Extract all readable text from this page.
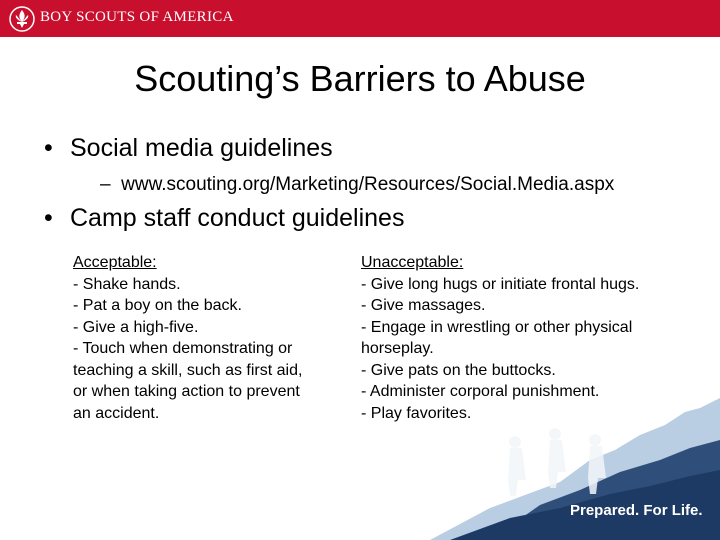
BOY SCOUTS OF AMERICA
Scouting’s Barriers to Abuse
• Social media guidelines
–  www.scouting.org/Marketing/Resources/Social.Media.aspx
• Camp staff conduct guidelines
Acceptable:
- Shake hands.
- Pat a boy on the back.
- Give a high-five.
- Touch when demonstrating or
teaching a skill, such as first aid,
or when taking action to prevent
an accident.
Unacceptable:
- Give long hugs or initiate frontal hugs.
- Give massages.
- Engage in wrestling or other physical
horseplay.
- Give pats on the buttocks.
- Administer corporal punishment.
- Play favorites.
Prepared. For Life.
